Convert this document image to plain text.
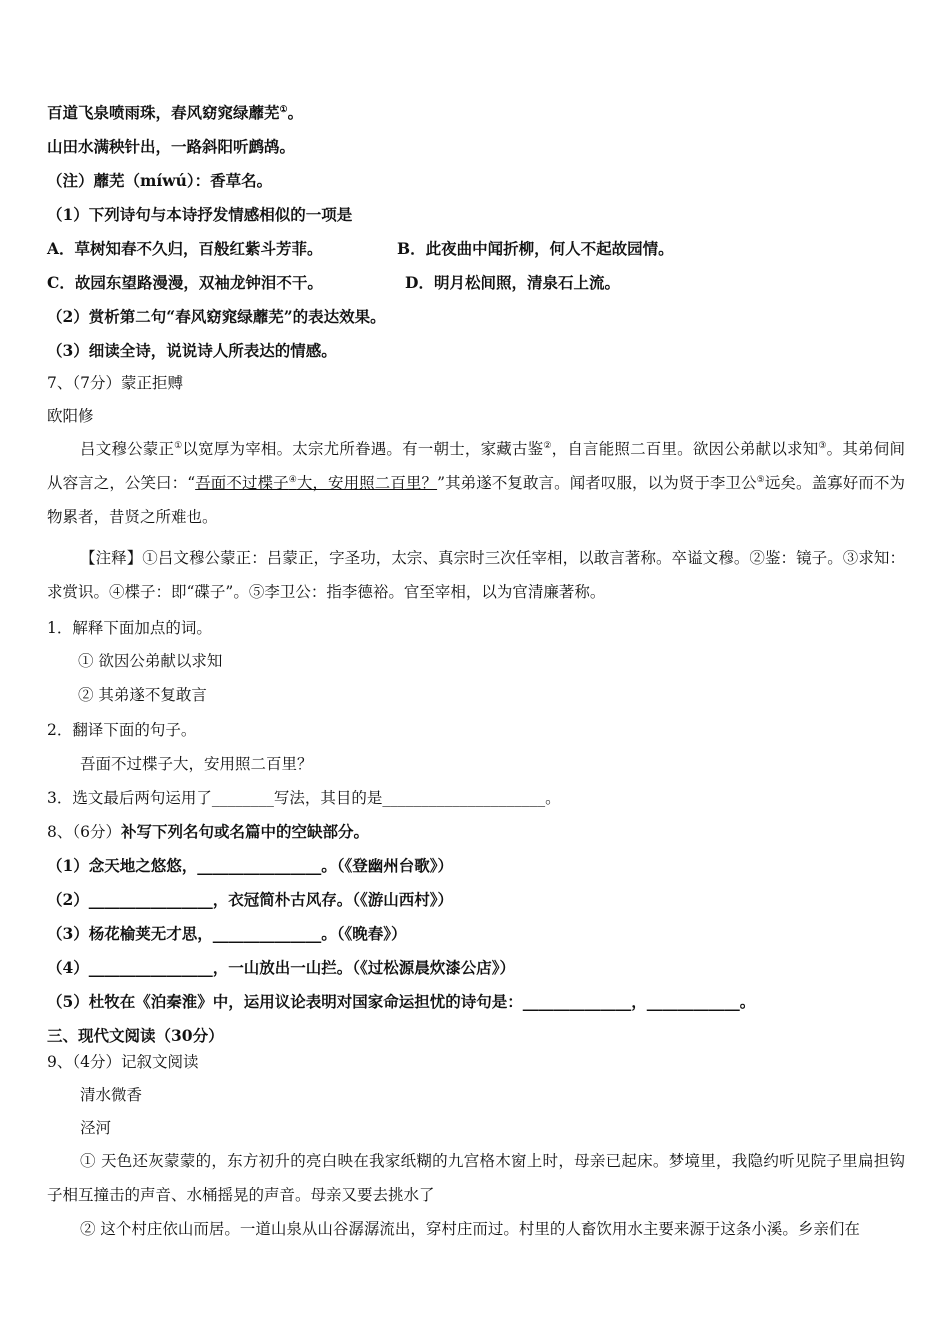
百道飞泉喷雨珠，春风窈窕绿蘼芜①。
山田水满秧针出，一路斜阳听鹧鸪。
（注）蘼芜（míwú）：香草名。
（1）下列诗句与本诗抒发情感相似的一项是
A．草树知春不久归，百般红紫斗芳菲。	B．此夜曲中闻折柳，何人不起故园情。
C．故园东望路漫漫，双袖龙钟泪不干。	D．明月松间照，清泉石上流。
（2）赏析第二句“春风窈窕绿蘼芜”的表达效果。
（3）细读全诗，说说诗人所表达的情感。
7、（7分）蒙正拒赙
欧阳修
吕文穆公蒙正①以宽厚为宰相。太宗尤所眷遇。有一朝士，家藏古鉴②，自言能照二百里。欲因公弟献以求知③。其弟伺间从容言之，公笑曰：“吾面不过楪子④大，安用照二百里？”其弟遂不复敢言。闻者叹服，以为贤于李卫公⑤远矣。盖寡好而不为物累者，昔贤之所难也。
【注释】①吕文穆公蒙正：吕蒙正，字圣功，太宗、真宗时三次任宰相，以敢言著称。卒谥文穆。②鉴：镜子。③求知：求赏识。④楪子：即“碟子”。⑤李卫公：指李德裕。官至宰相，以为官清廉著称。
1．解释下面加点的词。
① 欲因公弟献以求知
② 其弟遂不复敢言
2．翻译下面的句子。
吾面不过楪子大，安用照二百里？
3．选文最后两句运用了________写法，其目的是_____________________。
8、（6分）补写下列名句或名篇中的空缺部分。
（1）念天地之悠悠，________________。（《登幽州台歌》）
（2）________________，衣冠简朴古风存。（《游山西村》）
（3）杨花榆荚无才思，______________。（《晚春》）
（4）________________，一山放出一山拦。（《过松源晨炊漆公店》）
（5）杜牧在《泊秦淮》中，运用议论表明对国家命运担忧的诗句是：______________，____________。
三、现代文阅读（30分）
9、（4分）记叙文阅读
清水微香
泾河
① 天色还灰蒙蒙的，东方初升的亮白映在我家纸糊的九宫格木窗上时，母亲已起床。梦境里，我隐约听见院子里扁担钩子相互撞击的声音、水桶摇晃的声音。母亲又要去挑水了
② 这个村庄依山而居。一道山泉从山谷潺潺流出，穿村庄而过。村里的人畜饮用水主要来源于这条小溪。乡亲们在
